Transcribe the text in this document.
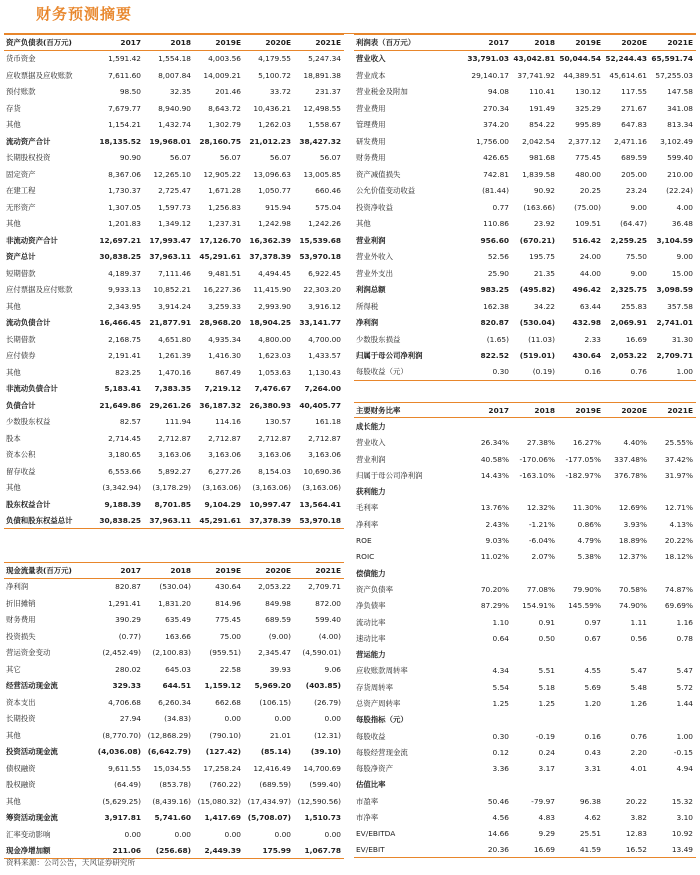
财务预测摘要
资产负债表(百万元)	2017	2018	2019E	2020E	2021E
货币资金	1,591.42	1,554.18	4,003.56	4,179.55	5,247.34
应收票据及应收账款	7,611.60	8,007.84	14,009.21	5,100.72	18,891.38
预付账款	98.50	32.35	201.46	33.72	231.37
存货	7,679.77	8,940.90	8,643.72	10,436.21	12,498.55
其他	1,154.21	1,432.74	1,302.79	1,262.03	1,558.67
流动资产合计	18,135.52	19,968.01	28,160.75	21,012.23	38,427.32
长期股权投资	90.90	56.07	56.07	56.07	56.07
固定资产	8,367.06	12,265.10	12,905.22	13,096.63	13,005.85
在建工程	1,730.37	2,725.47	1,671.28	1,050.77	660.46
无形资产	1,307.05	1,597.73	1,256.83	915.94	575.04
其他	1,201.83	1,349.12	1,237.31	1,242.98	1,242.26
非流动资产合计	12,697.21	17,993.47	17,126.70	16,362.39	15,539.68
资产总计	30,838.25	37,963.11	45,291.61	37,378.39	53,970.18
短期借款	4,189.37	7,111.46	9,481.51	4,494.45	6,922.45
应付票据及应付账款	9,933.13	10,852.21	16,227.36	11,415.90	22,303.20
其他	2,343.95	3,914.24	3,259.33	2,993.90	3,916.12
流动负债合计	16,466.45	21,877.91	28,968.20	18,904.25	33,141.77
长期借款	2,168.75	4,651.80	4,935.34	4,800.00	4,700.00
应付债券	2,191.41	1,261.39	1,416.30	1,623.03	1,433.57
其他	823.25	1,470.16	867.49	1,053.63	1,130.43
非流动负债合计	5,183.41	7,383.35	7,219.12	7,476.67	7,264.00
负债合计	21,649.86	29,261.26	36,187.32	26,380.93	40,405.77
少数股东权益	82.57	111.94	114.16	130.57	161.18
股本	2,714.45	2,712.87	2,712.87	2,712.87	2,712.87
资本公积	3,180.65	3,163.06	3,163.06	3,163.06	3,163.06
留存收益	6,553.66	5,892.27	6,277.26	8,154.03	10,690.36
其他	(3,342.94)	(3,178.29)	(3,163.06)	(3,163.06)	(3,163.06)
股东权益合计	9,188.39	8,701.85	9,104.29	10,997.47	13,564.41
负债和股东权益总计	30,838.25	37,963.11	45,291.61	37,378.39	53,970.18
现金流量表(百万元)	2017	2018	2019E	2020E	2021E
净利润	820.87	(530.04)	430.64	2,053.22	2,709.71
折旧摊销	1,291.41	1,831.20	814.96	849.98	872.00
财务费用	390.29	635.49	775.45	689.59	599.40
投资损失	(0.77)	163.66	75.00	(9.00)	(4.00)
营运资金变动	(2,452.49)	(2,100.83)	(959.51)	2,345.47	(4,590.01)
其它	280.02	645.03	22.58	39.93	9.06
经营活动现金流	329.33	644.51	1,159.12	5,969.20	(403.85)
资本支出	4,706.68	6,260.34	662.68	(106.15)	(26.79)
长期投资	27.94	(34.83)	0.00	0.00	0.00
其他	(8,770.70) (12,868.29)	(790.10)	21.01	(12.31)
投资活动现金流	(4,036.08) (6,642.79)	(127.42)	(85.14)	(39.10)
债权融资	9,611.55	15,034.55	17,258.24	12,416.49	14,700.69
股权融资	(64.49)	(853.78)	(760.22)	(689.59)	(599.40)
其他	(5,629.25)	(8,439.16) (15,080.32) (17,434.97) (12,590.56)
筹资活动现金流	3,917.81	5,741.60	1,417.69 (5,708.07)	1,510.73
汇率变动影响	0.00	0.00	0.00	0.00	0.00
现金净增加额	211.06	(256.68)	2,449.39	175.99	1,067.78
利润表（百万元）	2017	2018	2019E	2020E	2021E
营业收入	33,791.03 43,042.81 50,044.54 52,244.43 65,591.74
营业成本	29,140.17	37,741.92	44,389.51	45,614.61	57,255.03
营业税金及附加	94.08	110.41	130.12	117.55	147.58
营业费用	270.34	191.49	325.29	271.67	341.08
管理费用	374.20	854.22	995.89	647.83	813.34
研发费用	1,756.00	2,042.54	2,377.12	2,471.16	3,102.49
财务费用	426.65	981.68	775.45	689.59	599.40
资产减值损失	742.81	1,839.58	480.00	205.00	210.00
公允价值变动收益	(81.44)	90.92	20.25	23.24	(22.24)
投资净收益	0.77	(163.66)	(75.00)	9.00	4.00
其他	110.86	23.92	109.51	(64.47)	36.48
营业利润	956.60	(670.21)	516.42	2,259.25	3,104.59
营业外收入	52.56	195.75	24.00	75.50	9.00
营业外支出	25.90	21.35	44.00	9.00	15.00
利润总额	983.25	(495.82)	496.42	2,325.75	3,098.59
所得税	162.38	34.22	63.44	255.83	357.58
净利润	820.87	(530.04)	432.98	2,069.91	2,741.01
少数股东损益	(1.65)	(11.03)	2.33	16.69	31.30
归属于母公司净利润	822.52	(519.01)	430.64	2,053.22	2,709.71
每股收益（元）	0.30	(0.19)	0.16	0.76	1.00
主要财务比率	2017	2018	2019E	2020E	2021E
成长能力
营业收入	26.34%	27.38%	16.27%	4.40%	25.55%
营业利润	40.58%	-170.06%	-177.05%	337.48%	37.42%
归属于母公司净利润	14.43%	-163.10%	-182.97%	376.78%	31.97%
获利能力
毛利率	13.76%	12.32%	11.30%	12.69%	12.71%
净利率	2.43%	-1.21%	0.86%	3.93%	4.13%
ROE	9.03%	-6.04%	4.79%	18.89%	20.22%
ROIC	11.02%	2.07%	5.38%	12.37%	18.12%
偿债能力
资产负债率	70.20%	77.08%	79.90%	70.58%	74.87%
净负债率	87.29%	154.91%	145.59%	74.90%	69.69%
流动比率	1.10	0.91	0.97	1.11	1.16
速动比率	0.64	0.50	0.67	0.56	0.78
营运能力
应收账款周转率	4.34	5.51	4.55	5.47	5.47
存货周转率	5.54	5.18	5.69	5.48	5.72
总资产周转率	1.25	1.25	1.20	1.26	1.44
每股指标（元）
每股收益	0.30	-0.19	0.16	0.76	1.00
每股经营现金流	0.12	0.24	0.43	2.20	-0.15
每股净资产	3.36	3.17	3.31	4.01	4.94
估值比率
市盈率	50.46	-79.97	96.38	20.22	15.32
市净率	4.56	4.83	4.62	3.82	3.10
EV/EBITDA	14.66	9.29	25.51	12.83	10.92
EV/EBIT	20.36	16.69	41.59	16.52	13.49
资料来源：公司公告，天风证券研究所
